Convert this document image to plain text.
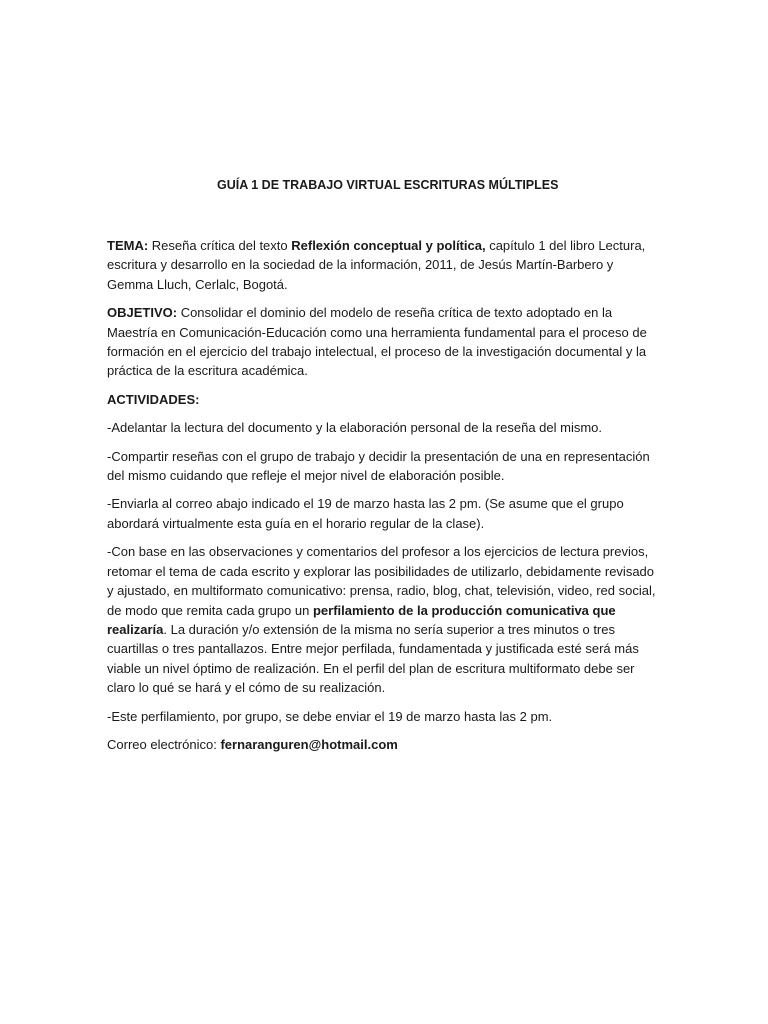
GUÍA 1 DE TRABAJO VIRTUAL ESCRITURAS MÚLTIPLES

TEMA: Reseña crítica del texto Reflexión conceptual y política, capítulo 1 del libro Lectura, escritura y desarrollo en la sociedad de la información, 2011, de Jesús Martín-Barbero y Gemma Lluch, Cerlalc, Bogotá.

OBJETIVO: Consolidar el dominio del modelo de reseña crítica de texto adoptado en la Maestría en Comunicación-Educación como una herramienta fundamental para el proceso de formación en el ejercicio del trabajo intelectual, el proceso de la investigación documental y la práctica de la escritura académica.

ACTIVIDADES:

-Adelantar la lectura del documento y la elaboración personal de la reseña del mismo.

-Compartir reseñas con el grupo de trabajo y decidir la presentación de una en representación del mismo cuidando que refleje el mejor nivel de elaboración posible.

-Enviarla al correo abajo indicado el 19 de marzo hasta las 2 pm. (Se asume que el grupo abordará virtualmente esta guía en el horario regular de la clase).

-Con base en las observaciones y comentarios del profesor a los ejercicios de lectura previos, retomar el tema de cada escrito y explorar las posibilidades de utilizarlo, debidamente revisado y ajustado, en multiformato comunicativo: prensa, radio, blog, chat, televisión, video, red social, de modo que remita cada grupo un perfilamiento de la producción comunicativa que realizaría. La duración y/o extensión de la misma no sería superior a tres minutos o tres cuartillas o tres pantallazos. Entre mejor perfilada, fundamentada y justificada esté será más viable un nivel óptimo de realización. En el perfil del plan de escritura multiformato debe ser claro lo qué se hará y el cómo de su realización.

-Este perfilamiento, por grupo, se debe enviar el 19 de marzo hasta las 2 pm.

Correo electrónico: fernaranguren@hotmail.com
